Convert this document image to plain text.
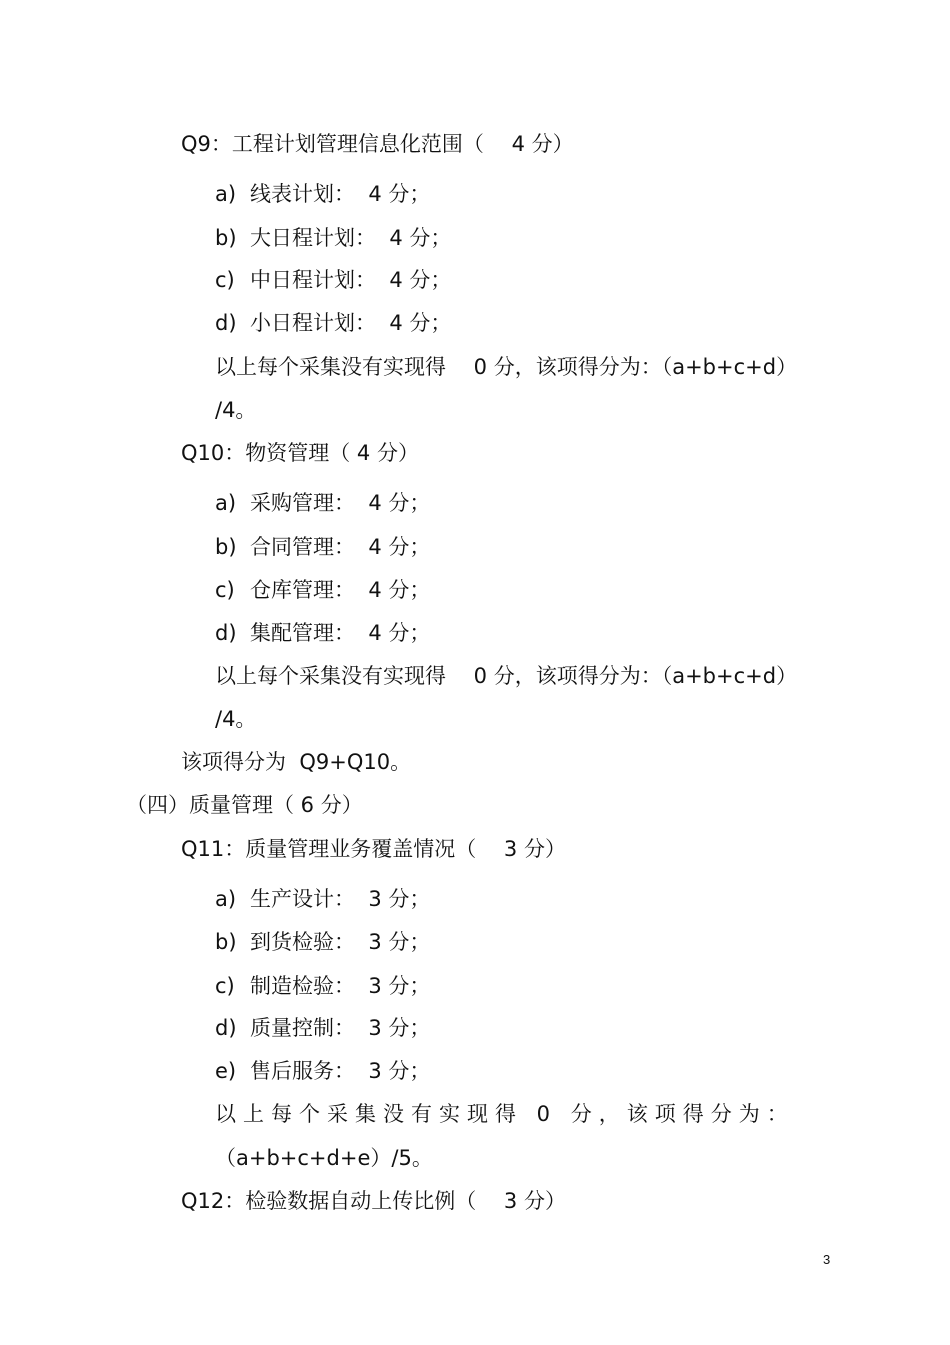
Q9：工程计划管理信息化范围（　 4 分）
a) 线表计划：  4 分；
b) 大日程计划：  4 分；
c) 中日程计划：  4 分；
d) 小日程计划：  4 分；
以上每个采集没有实现得　 0 分，该项得分为：（a+b+c+d）
/4。
Q10：物资管理（ 4 分）
a) 采购管理：  4 分；
b) 合同管理：  4 分；
c) 仓库管理：  4 分；
d) 集配管理：  4 分；
以上每个采集没有实现得　 0 分，该项得分为：（a+b+c+d）
/4。
该项得分为  Q9+Q10。
（四）质量管理（ 6 分）
Q11：质量管理业务覆盖情况（　 3 分）
a) 生产设计：  3 分；
b) 到货检验：  3 分；
c) 制造检验：  3 分；
d) 质量控制：  3 分；
e) 售后服务：  3 分；
以上每个采集没有实现得 0 分，该项得分为：
（a+b+c+d+e）/5。
Q12：检验数据自动上传比例（　 3 分）
3
